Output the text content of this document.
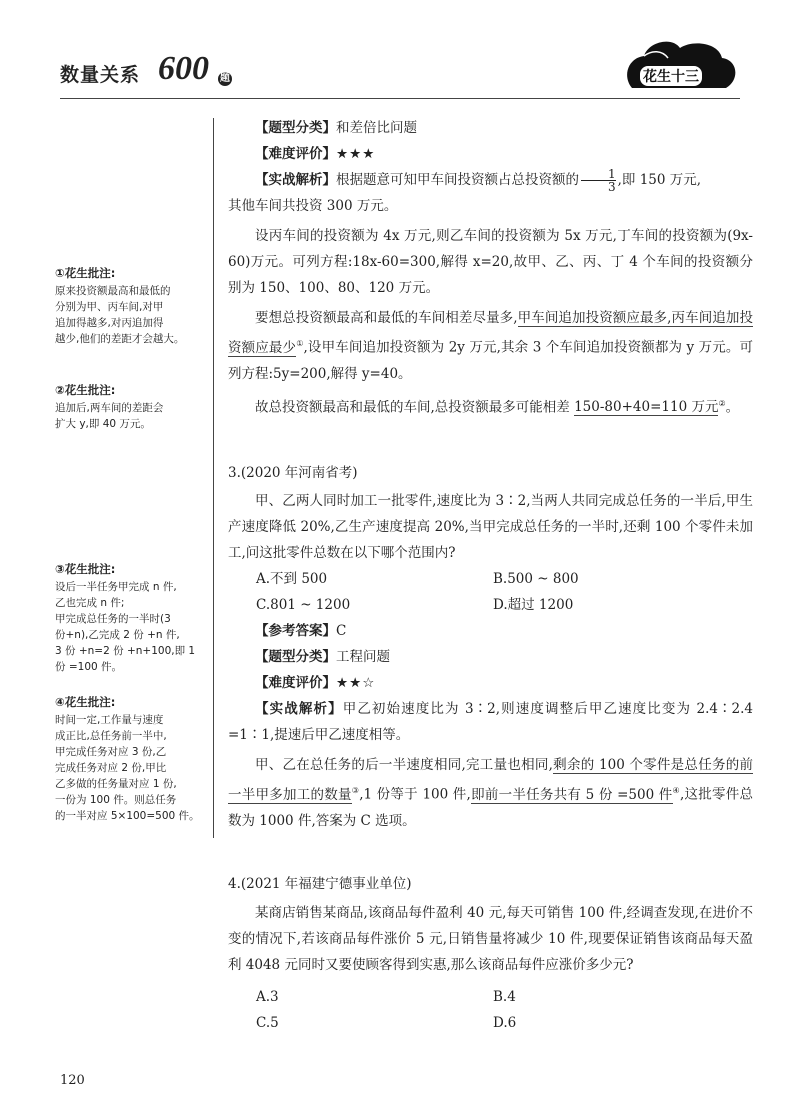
数量关系 600 题	花生十三
①花生批注:
原来投资额最高和最低的
分别为甲、丙车间,对甲
追加得越多,对丙追加得
越少,他们的差距才会越大。
②花生批注:
追加后,两车间的差距会
扩大 y,即 40 万元。
③花生批注:
设后一半任务甲完成 n 件,
乙也完成 n 件;
甲完成总任务的一半时(3
份+n),乙完成 2 份 +n 件,
3 份 +n=2 份 +n+100,即 1
份 =100 件。
④花生批注:
时间一定,工作量与速度
成正比,总任务前一半中,
甲完成任务对应 3 份,乙
完成任务对应 2 份,甲比
乙多做的任务量对应 1 份,
一份为 100 件。则总任务
的一半对应 5×100=500 件。
【题型分类】和差倍比问题
【难度评价】★★★
【实战解析】根据题意可知甲车间投资额占总投资额的 $\frac{1}{3}$ ,即 150 万元,
其他车间共投资 300 万元。
设丙车间的投资额为 4x 万元,则乙车间的投资额为 5x 万元,丁车间的投资额为(9x-60)万元。可列方程:18x-60=300,解得 x=20,故甲、乙、丙、丁 4 个车间的投资额分别为 150、100、80、120 万元。
要想总投资额最高和最低的车间相差尽量多,甲车间追加投资额应最多,丙车间追加投资额应最少①,设甲车间追加投资额为 2y 万元,其余 3 个车间追加投资额都为 y 万元。可列方程:5y=200,解得 y=40。
故总投资额最高和最低的车间,总投资额最多可能相差 150-80+40=110 万元②。
3.(2020 年河南省考)
甲、乙两人同时加工一批零件,速度比为 3∶2,当两人共同完成总任务的一半后,甲生产速度降低 20%,乙生产速度提高 20%,当甲完成总任务的一半时,还剩 100 个零件未加工,问这批零件总数在以下哪个范围内?
A.不到 500	B.500 ~ 800
C.801 ~ 1200	D.超过 1200
【参考答案】C
【题型分类】工程问题
【难度评价】★★☆
【实战解析】甲乙初始速度比为 3∶2,则速度调整后甲乙速度比变为 2.4∶2.4 =1∶1,提速后甲乙速度相等。
甲、乙在总任务的后一半速度相同,完工量也相同,剩余的 100 个零件是总任务的前一半甲多加工的数量③,1 份等于 100 件,即前一半任务共有 5 份 =500 件④,这批零件总数为 1000 件,答案为 C 选项。
4.(2021 年福建宁德事业单位)
某商店销售某商品,该商品每件盈利 40 元,每天可销售 100 件,经调查发现,在进价不变的情况下,若该商品每件涨价 5 元,日销售量将减少 10 件,现要保证销售该商品每天盈利 4048 元同时又要使顾客得到实惠,那么该商品每件应涨价多少元?
A.3	B.4
C.5	D.6
120
